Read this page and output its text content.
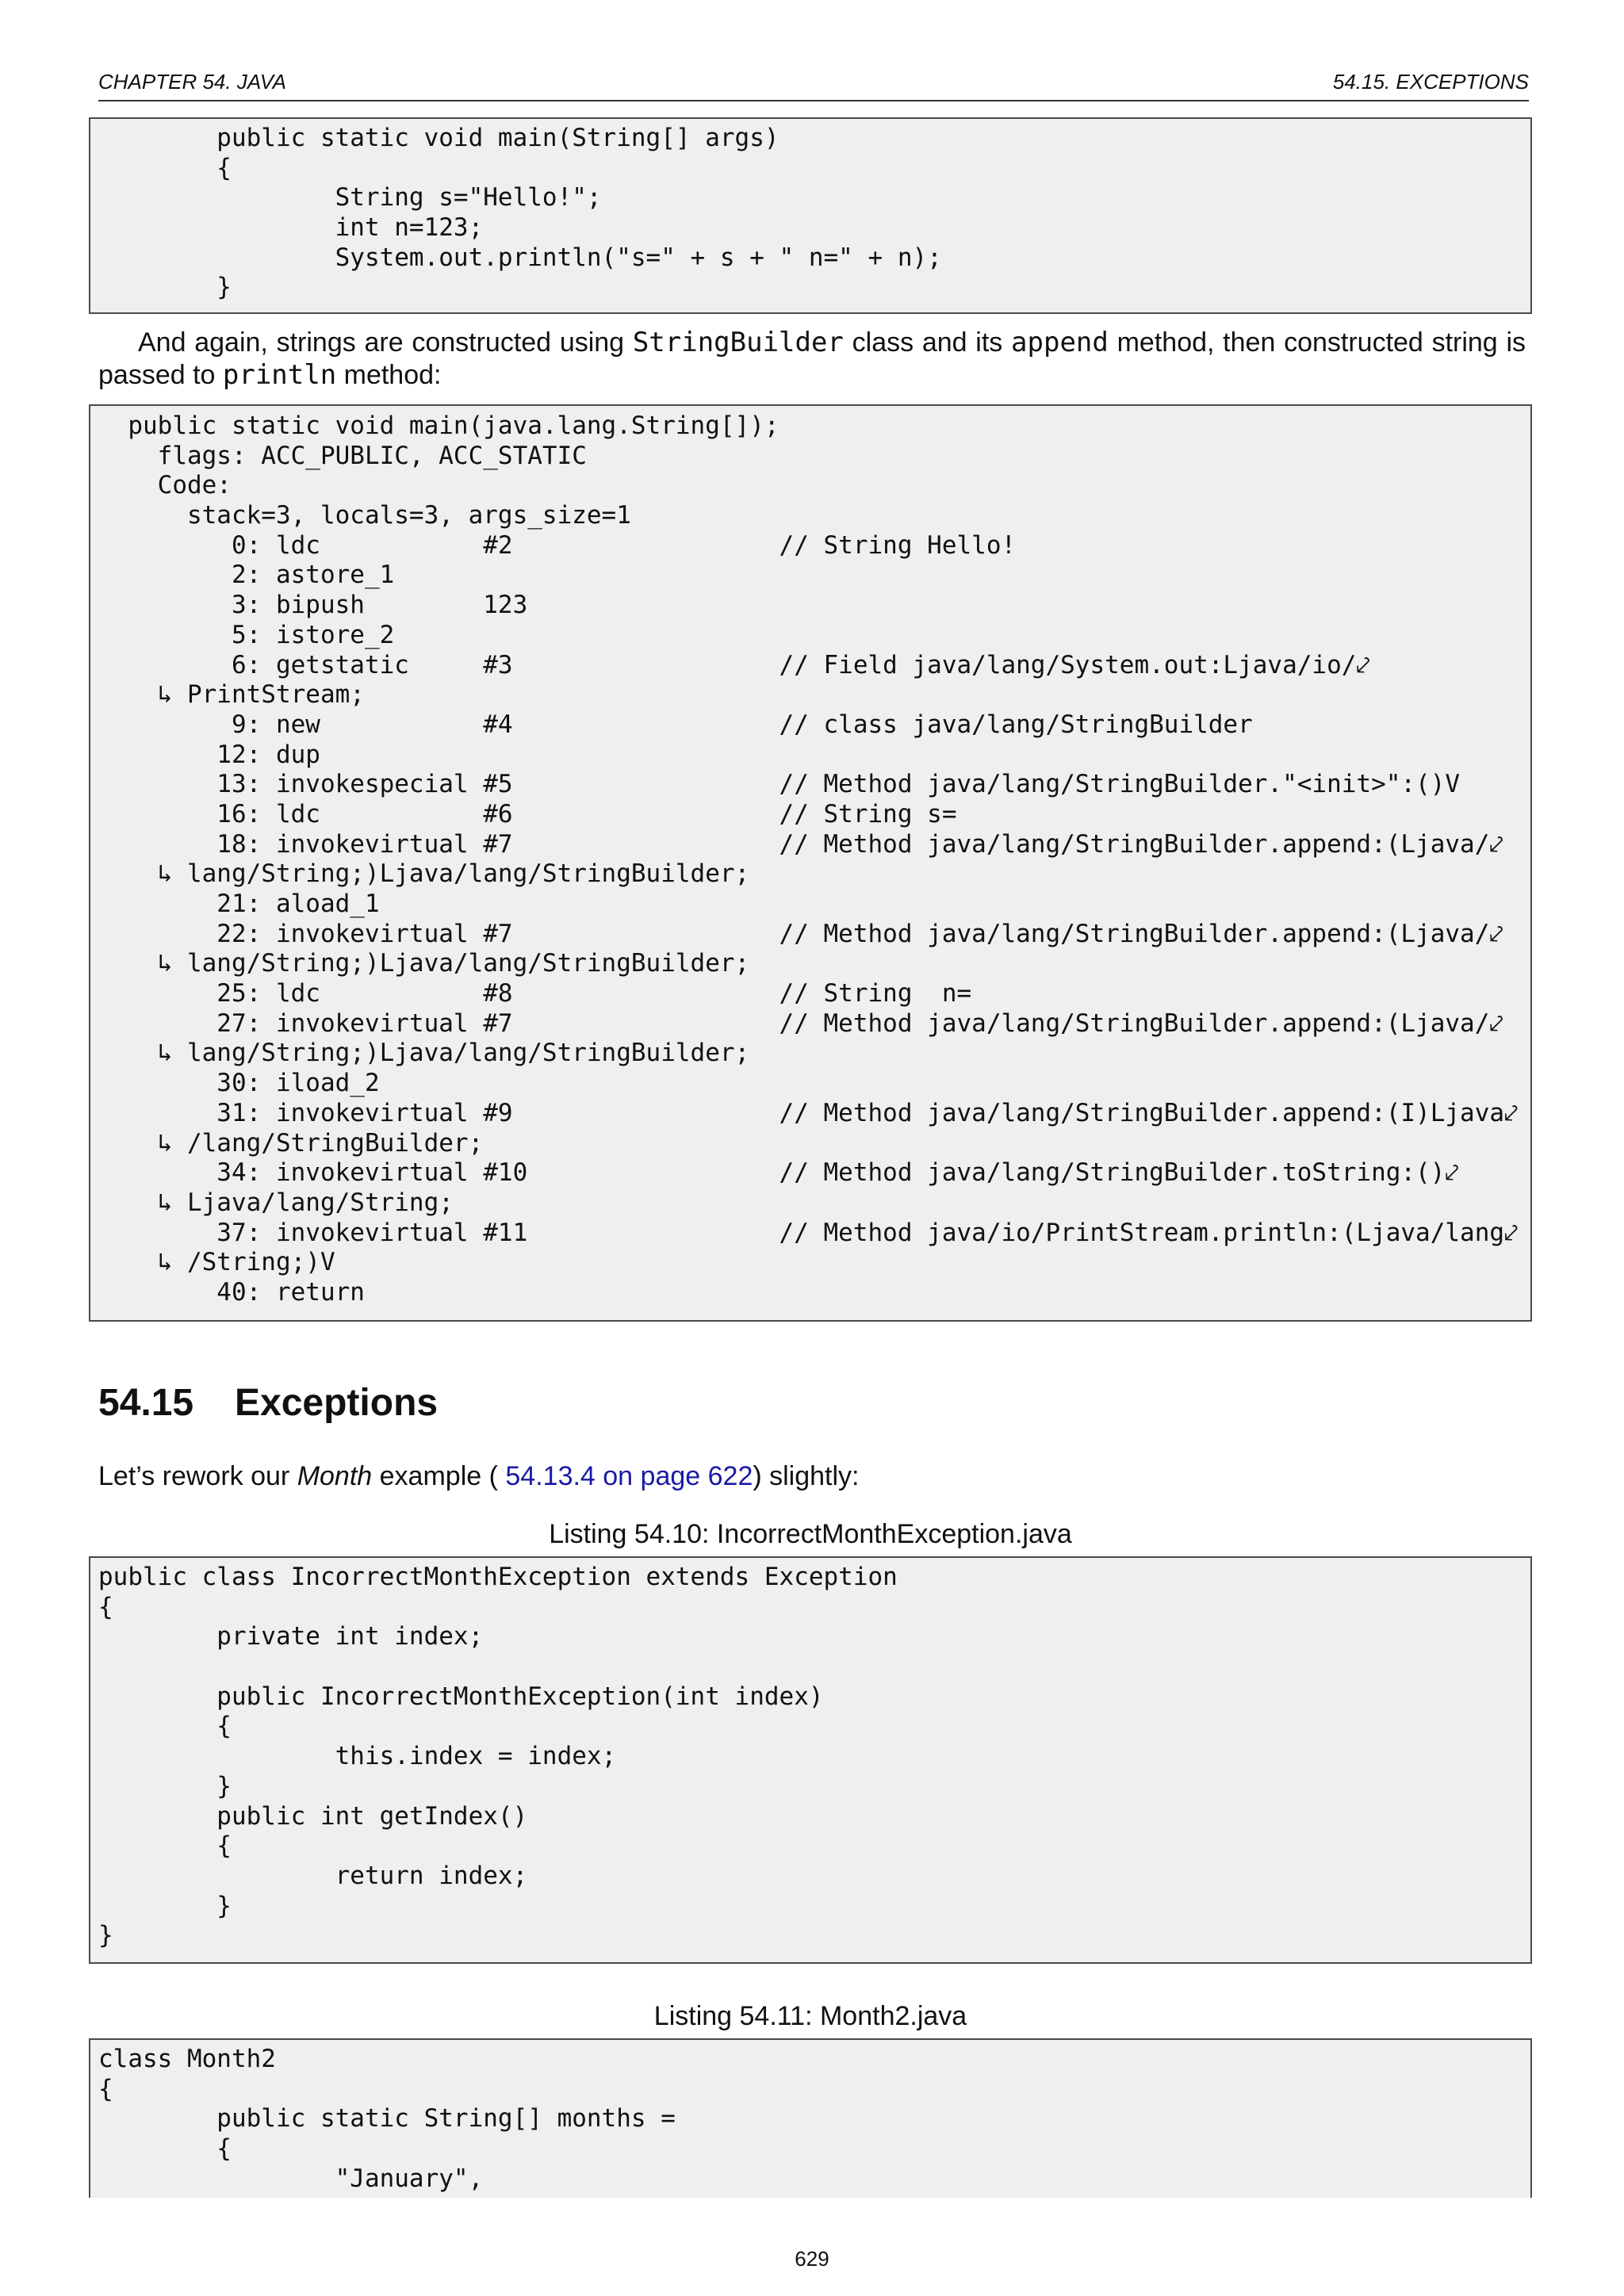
CHAPTER 54. JAVA	54.15. EXCEPTIONS
public static void main(String[] args)
{
String s="Hello!";
int n=123;
System.out.println("s=" + s + " n=" + n);
}
And again, strings are constructed using StringBuilder class and its append method, then constructed string is passed to println method:
public static void main(java.lang.String[]);
flags: ACC_PUBLIC, ACC_STATIC
Code:
stack=3, locals=3, args_size=1
0: ldc           #2                  // String Hello!
2: astore_1
3: bipush        123
5: istore_2
6: getstatic     #3                  // Field java/lang/System.out:Ljava/io/⤦
↳ PrintStream;
9: new           #4                  // class java/lang/StringBuilder
12: dup
13: invokespecial #5                  // Method java/lang/StringBuilder."<init>":()V
16: ldc           #6                  // String s=
18: invokevirtual #7                  // Method java/lang/StringBuilder.append:(Ljava/⤦
↳ lang/String;)Ljava/lang/StringBuilder;
21: aload_1
22: invokevirtual #7                  // Method java/lang/StringBuilder.append:(Ljava/⤦
↳ lang/String;)Ljava/lang/StringBuilder;
25: ldc           #8                  // String  n=
27: invokevirtual #7                  // Method java/lang/StringBuilder.append:(Ljava/⤦
↳ lang/String;)Ljava/lang/StringBuilder;
30: iload_2
31: invokevirtual #9                  // Method java/lang/StringBuilder.append:(I)Ljava⤦
↳ /lang/StringBuilder;
34: invokevirtual #10                 // Method java/lang/StringBuilder.toString:()⤦
↳ Ljava/lang/String;
37: invokevirtual #11                 // Method java/io/PrintStream.println:(Ljava/lang⤦
↳ /String;)V
40: return
54.15 Exceptions
Let’s rework our Month example ( 54.13.4 on page 622) slightly:
Listing 54.10: IncorrectMonthException.java
public class IncorrectMonthException extends Exception
{
private int index;

public IncorrectMonthException(int index)
{
this.index = index;
}
public int getIndex()
{
return index;
}
}
Listing 54.11: Month2.java
class Month2
{
public static String[] months =
{
"January",
629
